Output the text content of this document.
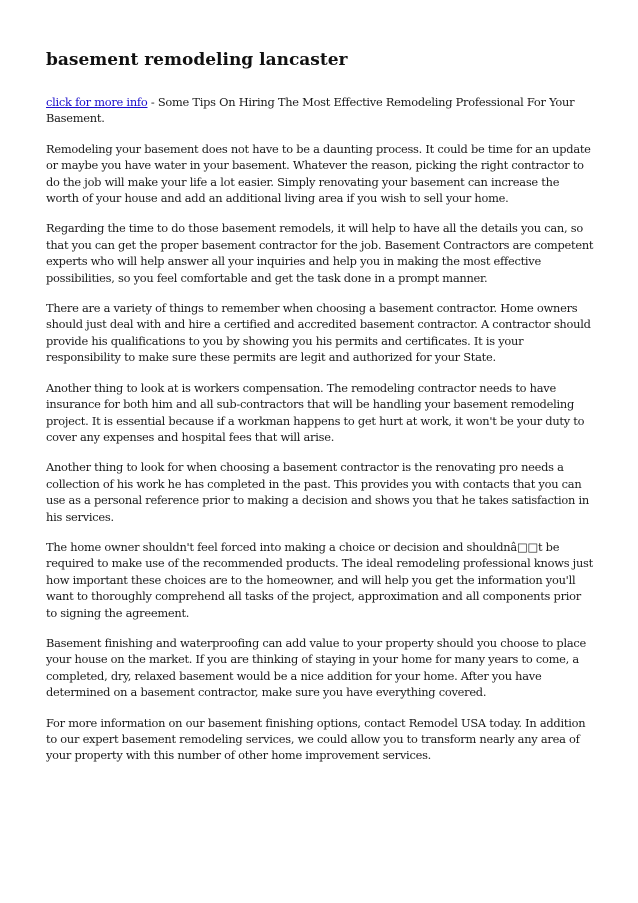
basement remodeling lancaster

click for more info - Some Tips On Hiring The Most Effective Remodeling Professional For Your Basement.

Remodeling your basement does not have to be a daunting process. It could be time for an update or maybe you have water in your basement. Whatever the reason, picking the right contractor to do the job will make your life a lot easier. Simply renovating your basement can increase the worth of your house and add an additional living area if you wish to sell your home.

Regarding the time to do those basement remodels, it will help to have all the details you can, so that you can get the proper basement contractor for the job. Basement Contractors are competent experts who will help answer all your inquiries and help you in making the most effective possibilities, so you feel comfortable and get the task done in a prompt manner.

There are a variety of things to remember when choosing a basement contractor. Home owners should just deal with and hire a certified and accredited basement contractor. A contractor should provide his qualifications to you by showing you his permits and certificates. It is your responsibility to make sure these permits are legit and authorized for your State.

Another thing to look at is workers compensation. The remodeling contractor needs to have insurance for both him and all sub-contractors that will be handling your basement remodeling project. It is essential because if a workman happens to get hurt at work, it won't be your duty to cover any expenses and hospital fees that will arise.

Another thing to look for when choosing a basement contractor is the renovating pro needs a collection of his work he has completed in the past. This provides you with contacts that you can use as a personal reference prior to making a decision and shows you that he takes satisfaction in his services.

The home owner shouldn't feel forced into making a choice or decision and shouldnâ□□t be required to make use of the recommended products. The ideal remodeling professional knows just how important these choices are to the homeowner, and will help you get the information you'll want to thoroughly comprehend all tasks of the project, approximation and all components prior to signing the agreement.

Basement finishing and waterproofing can add value to your property should you choose to place your house on the market. If you are thinking of staying in your home for many years to come, a completed, dry, relaxed basement would be a nice addition for your home. After you have determined on a basement contractor, make sure you have everything covered.

For more information on our basement finishing options, contact Remodel USA today. In addition to our expert basement remodeling services, we could allow you to transform nearly any area of your property with this number of other home improvement services.
